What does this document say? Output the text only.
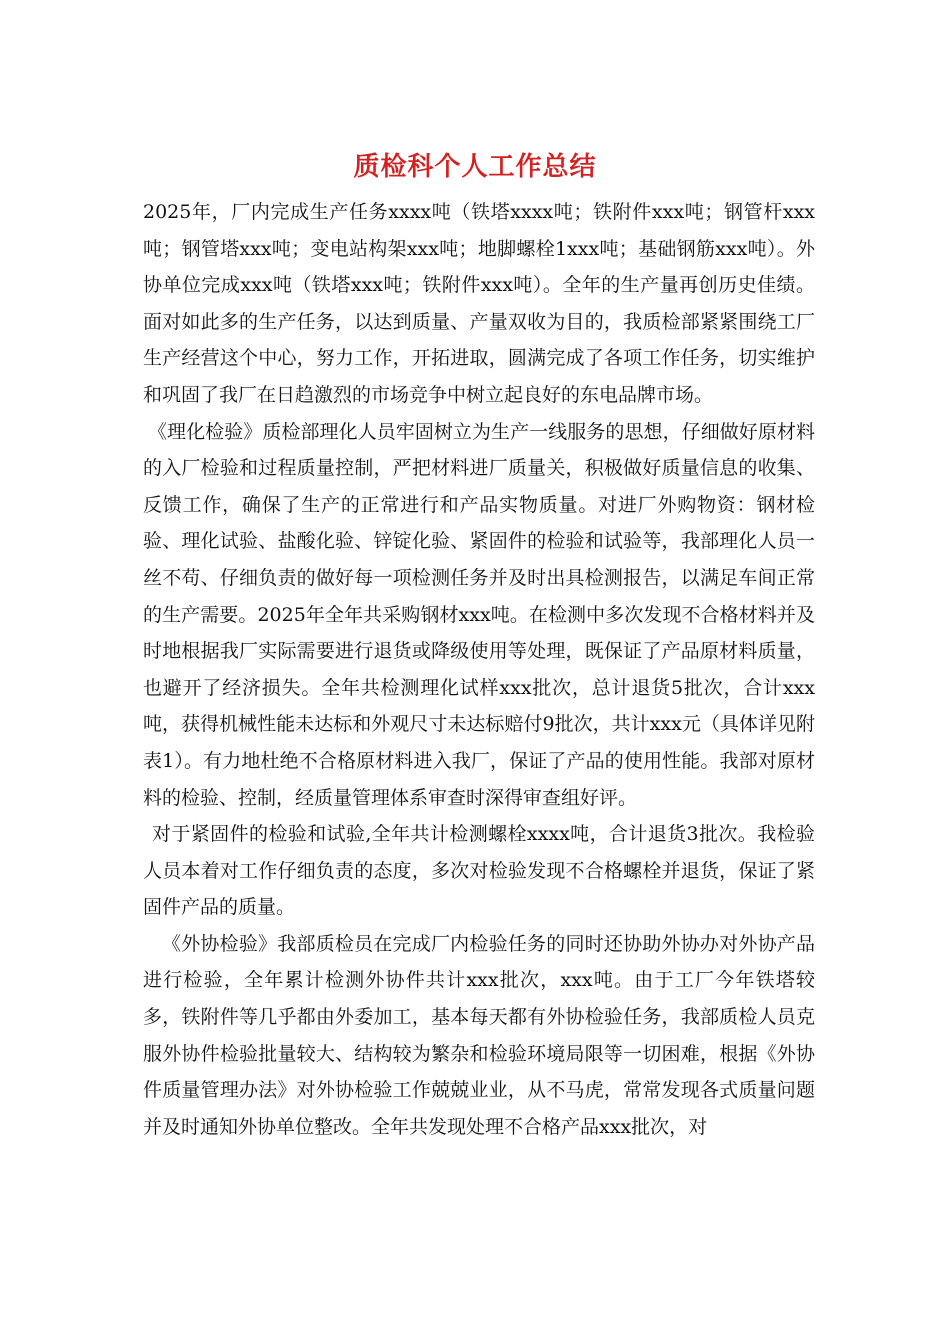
质检科个人工作总结

2025年，厂内完成生产任务xxxx吨（铁塔xxxx吨；铁附件xxx吨；钢管杆xxx吨；钢管塔xxx吨；变电站构架xxx吨；地脚螺栓1xxx吨；基础钢筋xxx吨）。外协单位完成xxx吨（铁塔xxx吨；铁附件xxx吨）。全年的生产量再创历史佳绩。面对如此多的生产任务，以达到质量、产量双收为目的，我质检部紧紧围绕工厂生产经营这个中心，努力工作，开拓进取，圆满完成了各项工作任务，切实维护和巩固了我厂在日趋激烈的市场竞争中树立起良好的东电品牌市场。

《理化检验》质检部理化人员牢固树立为生产一线服务的思想，仔细做好原材料的入厂检验和过程质量控制，严把材料进厂质量关，积极做好质量信息的收集、反馈工作，确保了生产的正常进行和产品实物质量。对进厂外购物资：钢材检验、理化试验、盐酸化验、锌锭化验、紧固件的检验和试验等，我部理化人员一丝不苟、仔细负责的做好每一项检测任务并及时出具检测报告，以满足车间正常的生产需要。2025年全年共采购钢材xxx吨。在检测中多次发现不合格材料并及时地根据我厂实际需要进行退货或降级使用等处理，既保证了产品原材料质量，也避开了经济损失。全年共检测理化试样xxx批次，总计退货5批次，合计xxx吨，获得机械性能未达标和外观尺寸未达标赔付9批次，共计xxx元（具体详见附表1）。有力地杜绝不合格原材料进入我厂，保证了产品的使用性能。我部对原材料的检验、控制，经质量管理体系审查时深得审查组好评。

对于紧固件的检验和试验,全年共计检测螺栓xxxx吨，合计退货3批次。我检验人员本着对工作仔细负责的态度，多次对检验发现不合格螺栓并退货，保证了紧固件产品的质量。

《外协检验》我部质检员在完成厂内检验任务的同时还协助外协办对外协产品进行检验，全年累计检测外协件共计xxx批次，xxx吨。由于工厂今年铁塔较多，铁附件等几乎都由外委加工，基本每天都有外协检验任务，我部质检人员克服外协件检验批量较大、结构较为繁杂和检验环境局限等一切困难，根据《外协件质量管理办法》对外协检验工作兢兢业业，从不马虎，常常发现各式质量问题并及时通知外协单位整改。全年共发现处理不合格产品xxx批次，对
